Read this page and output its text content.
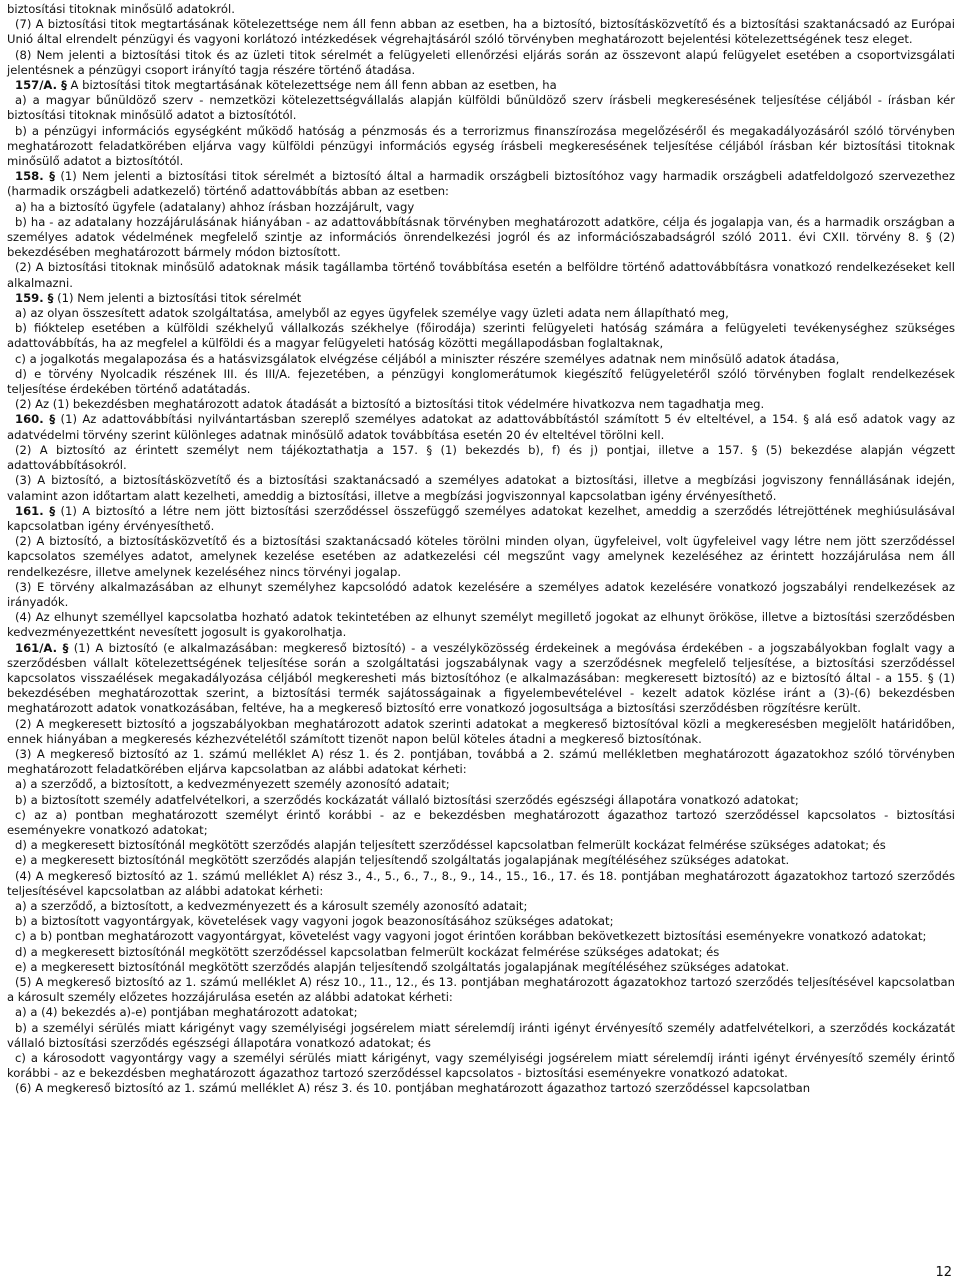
biztosítási titoknak minősülő adatokról.

(7) A biztosítási titok megtartásának kötelezettsége nem áll fenn abban az esetben, ha a biztosító, biztosításközvetítő és a biztosítási szaktanácsadó az Európai Unió által elrendelt pénzügyi és vagyoni korlátozó intézkedések végrehajtásáról szóló törvényben meghatározott bejelentési kötelezettségének tesz eleget.

(8) Nem jelenti a biztosítási titok és az üzleti titok sérelmét a felügyeleti ellenőrzési eljárás során az összevont alapú felügyelet esetében a csoportvizsgálati jelentésnek a pénzügyi csoport irányító tagja részére történő átadása.

157/A. § A biztosítási titok megtartásának kötelezettsége nem áll fenn abban az esetben, ha

a) a magyar bűnüldöző szerv - nemzetközi kötelezettségvállalás alapján külföldi bűnüldöző szerv írásbeli megkeresésének teljesítése céljából - írásban kér biztosítási titoknak minősülő adatot a biztosítótól.

b) a pénzügyi információs egységként működő hatóság a pénzmosás és a terrorizmus finanszírozása megelőzéséről és megakadályozásáról szóló törvényben meghatározott feladatkörében eljárva vagy külföldi pénzügyi információs egység írásbeli megkeresésének teljesítése céljából írásban kér biztosítási titoknak minősülő adatot a biztosítótól.

158. § (1) Nem jelenti a biztosítási titok sérelmét a biztosító által a harmadik országbeli biztosítóhoz vagy harmadik országbeli adatfeldolgozó szervezethez (harmadik országbeli adatkezelő) történő adattovábbítás abban az esetben:

a) ha a biztosító ügyfele (adatalany) ahhoz írásban hozzájárult, vagy

b) ha - az adatalany hozzájárulásának hiányában - az adattovábbításnak törvényben meghatározott adatköre, célja és jogalapja van, és a harmadik országban a személyes adatok védelmének megfelelő szintje az információs önrendelkezési jogról és az információszabadságról szóló 2011. évi CXII. törvény 8. § (2) bekezdésében meghatározott bármely módon biztosított.

(2) A biztosítási titoknak minősülő adatoknak másik tagállamba történő továbbítása esetén a belföldre történő adattovábbításra vonatkozó rendelkezéseket kell alkalmazni.

159. § (1) Nem jelenti a biztosítási titok sérelmét

a) az olyan összesített adatok szolgáltatása, amelyből az egyes ügyfelek személye vagy üzleti adata nem állapítható meg,

b) fióktelep esetében a külföldi székhelyű vállalkozás székhelye (főirodája) szerinti felügyeleti hatóság számára a felügyeleti tevékenységhez szükséges adattovábbítás, ha az megfelel a külföldi és a magyar felügyeleti hatóság közötti megállapodásban foglaltaknak,

c) a jogalkotás megalapozása és a hatásvizsgálatok elvégzése céljából a miniszter részére személyes adatnak nem minősülő adatok átadása,

d) e törvény Nyolcadik részének III. és III/A. fejezetében, a pénzügyi konglomerátumok kiegészítő felügyeletéről szóló törvényben foglalt rendelkezések teljesítése érdekében történő adatátadás.

(2) Az (1) bekezdésben meghatározott adatok átadását a biztosító a biztosítási titok védelmére hivatkozva nem tagadhatja meg.

160. § (1) Az adattovábbítási nyilvántartásban szereplő személyes adatokat az adattovábbítástól számított 5 év elteltével, a 154. § alá eső adatok vagy az adatvédelmi törvény szerint különleges adatnak minősülő adatok továbbítása esetén 20 év elteltével törölni kell.

(2) A biztosító az érintett személyt nem tájékoztathatja a 157. § (1) bekezdés b), f) és j) pontjai, illetve a 157. § (5) bekezdése alapján végzett adattovábbításokról.

(3) A biztosító, a biztosításközvetítő és a biztosítási szaktanácsadó a személyes adatokat a biztosítási, illetve a megbízási jogviszony fennállásának idején, valamint azon időtartam alatt kezelheti, ameddig a biztosítási, illetve a megbízási jogviszonnyal kapcsolatban igény érvényesíthető.

161. § (1) A biztosító a létre nem jött biztosítási szerződéssel összefüggő személyes adatokat kezelhet, ameddig a szerződés létrejöttének meghiúsulásával kapcsolatban igény érvényesíthető.

(2) A biztosító, a biztosításközvetítő és a biztosítási szaktanácsadó köteles törölni minden olyan, ügyfeleivel, volt ügyfeleivel vagy létre nem jött szerződéssel kapcsolatos személyes adatot, amelynek kezelése esetében az adatkezelési cél megszűnt vagy amelynek kezeléséhez az érintett hozzájárulása nem áll rendelkezésre, illetve amelynek kezeléséhez nincs törvényi jogalap.

(3) E törvény alkalmazásában az elhunyt személyhez kapcsolódó adatok kezelésére a személyes adatok kezelésére vonatkozó jogszabályi rendelkezések az irányadók.

(4) Az elhunyt személlyel kapcsolatba hozható adatok tekintetében az elhunyt személyt megillető jogokat az elhunyt örököse, illetve a biztosítási szerződésben kedvezményezettként nevesített jogosult is gyakorolhatja.

161/A. § (1) A biztosító (e alkalmazásában: megkereső biztosító) - a veszélyközösség érdekeinek a megóvása érdekében - a jogszabályokban foglalt vagy a szerződésben vállalt kötelezettségének teljesítése során a szolgáltatási jogszabálynak vagy a szerződésnek megfelelő teljesítése, a biztosítási szerződéssel kapcsolatos visszaélések megakadályozása céljából megkeresheti más biztosítóhoz (e alkalmazásában: megkeresett biztosító) az e biztosító által - a 155. § (1) bekezdésében meghatározottak szerint, a biztosítási termék sajátosságainak a figyelembevételével - kezelt adatok közlése iránt a (3)-(6) bekezdésben meghatározott adatok vonatkozásában, feltéve, ha a megkereső biztosító erre vonatkozó jogosultsága a biztosítási szerződésben rögzítésre került.

(2) A megkeresett biztosító a jogszabályokban meghatározott adatok szerinti adatokat a megkereső biztosítóval közli a megkeresésben megjelölt határidőben, ennek hiányában a megkeresés kézhezvételétől számított tizenöt napon belül köteles átadni a megkereső biztosítónak.

(3) A megkereső biztosító az 1. számú melléklet A) rész 1. és 2. pontjában, továbbá a 2. számú mellékletben meghatározott ágazatokhoz szóló törvényben meghatározott feladatkörében eljárva kapcsolatban az alábbi adatokat kérheti:

a) a szerződő, a biztosított, a kedvezményezett személy azonosító adatait;

b) a biztosított személy adatfelvételkori, a szerződés kockázatát vállaló biztosítási szerződés egészségi állapotára vonatkozó adatokat;

c) az a) pontban meghatározott személyt érintő korábbi - az e bekezdésben meghatározott ágazathoz tartozó szerződéssel kapcsolatos - biztosítási eseményekre vonatkozó adatokat;

d) a megkeresett biztosítónál megkötött szerződés alapján teljesített szerződéssel kapcsolatban felmerült kockázat felmérése szükséges adatokat; és

e) a megkeresett biztosítónál megkötött szerződés alapján teljesítendő szolgáltatás jogalapjának megítéléséhez szükséges adatokat.

(4) A megkereső biztosító az 1. számú melléklet A) rész 3., 4., 5., 6., 7., 8., 9., 14., 15., 16., 17. és 18. pontjában meghatározott ágazatokhoz tartozó szerződés teljesítésével kapcsolatban az alábbi adatokat kérheti:

a) a szerződő, a biztosított, a kedvezményezett és a károsult személy azonosító adatait;

b) a biztosított vagyontárgyak, követelések vagy vagyoni jogok beazonosításához szükséges adatokat;

c) a b) pontban meghatározott vagyontárgyat, követelést vagy vagyoni jogot érintően korábban bekövetkezett biztosítási eseményekre vonatkozó adatokat;

d) a megkeresett biztosítónál megkötött szerződéssel kapcsolatban felmerült kockázat felmérése szükséges adatokat; és

e) a megkeresett biztosítónál megkötött szerződés alapján teljesítendő szolgáltatás jogalapjának megítéléséhez szükséges adatokat.

(5) A megkereső biztosító az 1. számú melléklet A) rész 10., 11., 12., és 13. pontjában meghatározott ágazatokhoz tartozó szerződés teljesítésével kapcsolatban a károsult személy előzetes hozzájárulása esetén az alábbi adatokat kérheti:

a) a (4) bekezdés a)-e) pontjában meghatározott adatokat;

b) a személyi sérülés miatt kárigényt vagy személyiségi jogsérelem miatt sérelemdíj iránti igényt érvényesítő személy adatfelvételkori, a szerződés kockázatát vállaló biztosítási szerződés egészségi állapotára vonatkozó adatokat; és

c) a károsodott vagyontárgy vagy a személyi sérülés miatt kárigényt, vagy személyiségi jogsérelem miatt sérelemdíj iránti igényt érvényesítő személy érintő korábbi - az e bekezdésben meghatározott ágazathoz tartozó szerződéssel kapcsolatos - biztosítási eseményekre vonatkozó adatokat.

(6) A megkereső biztosító az 1. számú melléklet A) rész 3. és 10. pontjában meghatározott ágazathoz tartozó szerződéssel kapcsolatban

12
